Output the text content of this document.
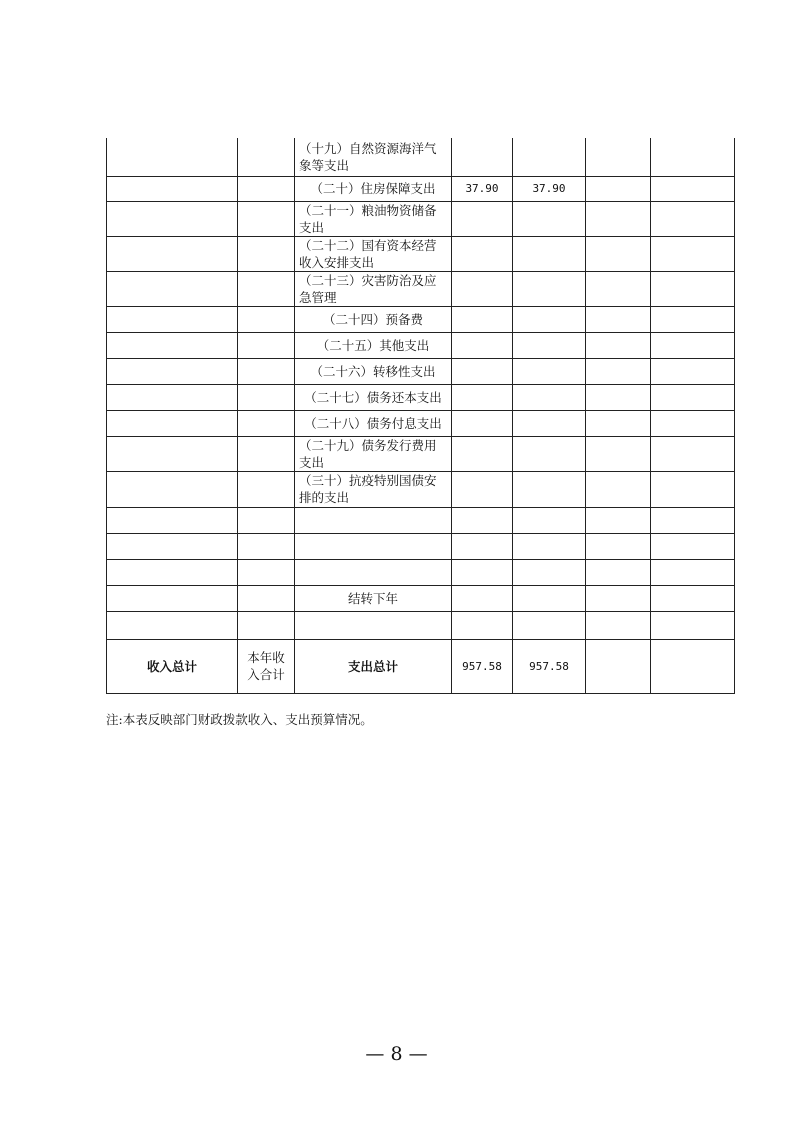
		（十九）自然资源海洋气象等支出				
		（二十）住房保障支出	37.90	37.90		
		（二十一）粮油物资储备支出				
		（二十二）国有资本经营收入安排支出				
		（二十三）灾害防治及应急管理				
		（二十四）预备费				
		（二十五）其他支出				
		（二十六）转移性支出				
		（二十七）债务还本支出				
		（二十八）债务付息支出				
		（二十九）债务发行费用支出				
		（三十）抗疫特别国债安排的支出				

		结转下年				

收入总计	本年收入合计	支出总计	957.58	957.58		
注:本表反映部门财政拨款收入、支出预算情况。
— 8 —
